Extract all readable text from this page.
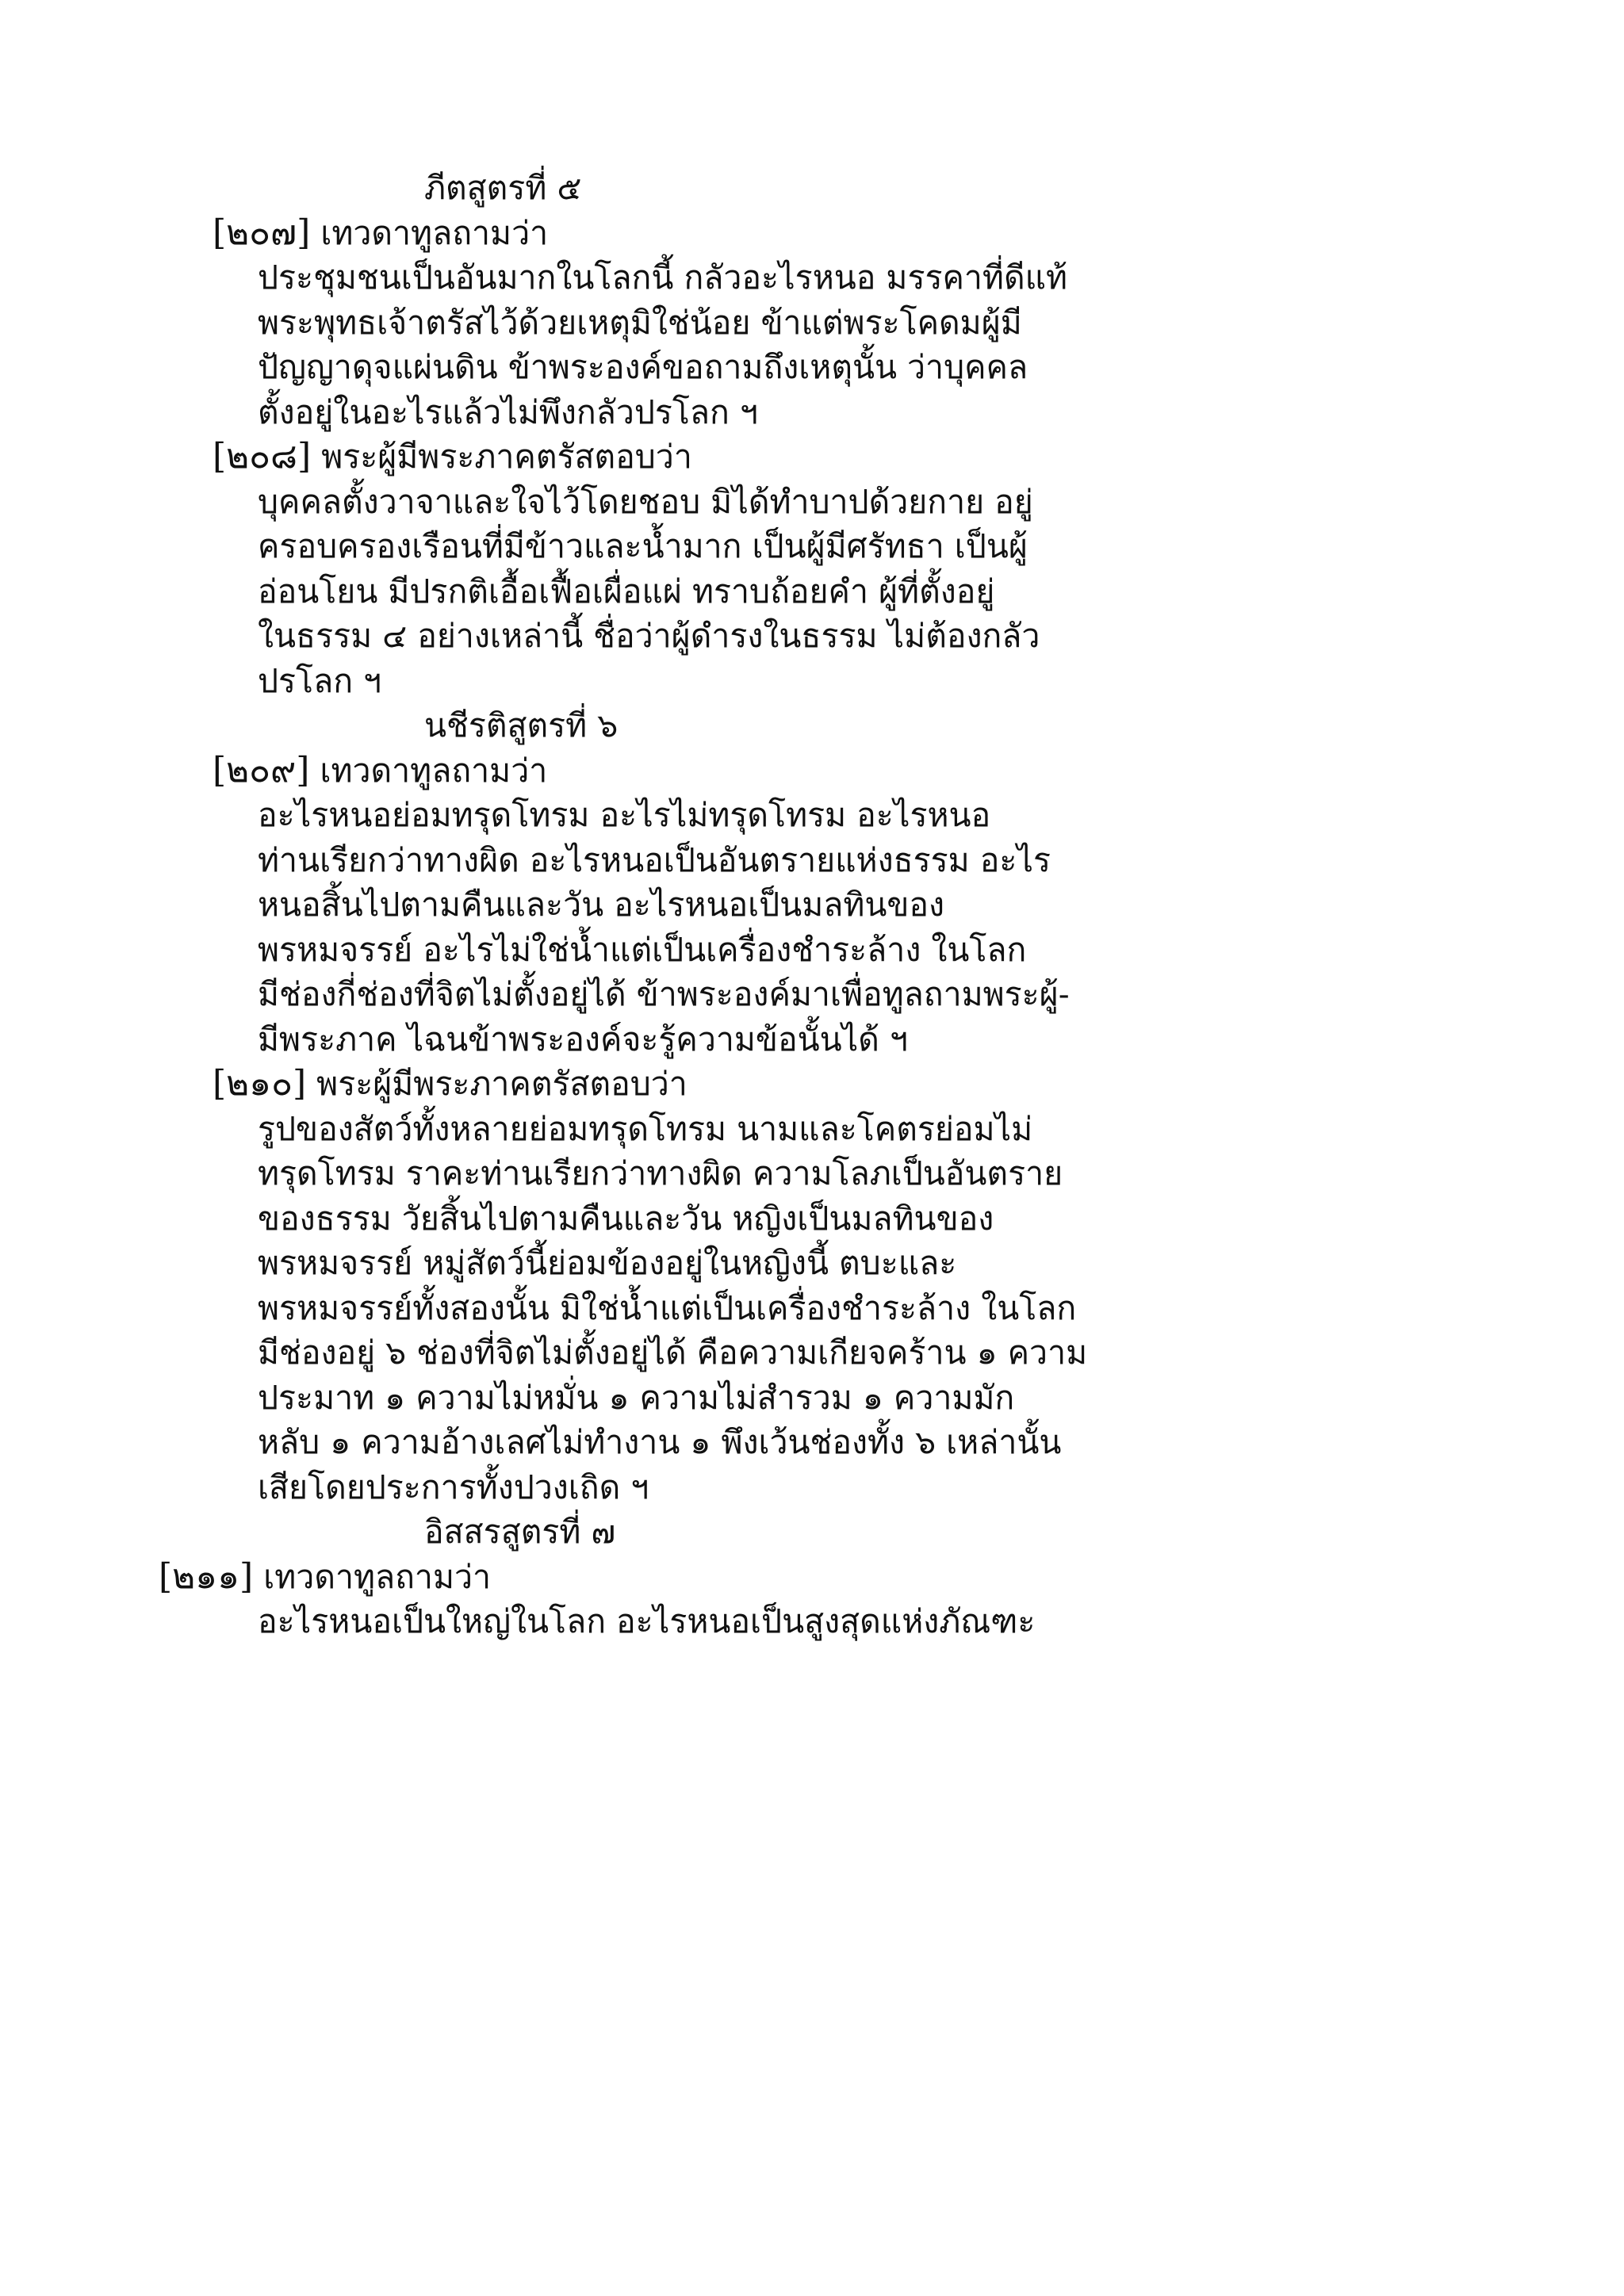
ภีตสูตรที่ ๕

[๒๐๗] เทวดาทูลถามว่า

ประชุมชนเป็นอันมากในโลกนี้ กลัวอะไรหนอ มรรคาที่ดีแท้

พระพุทธเจ้าตรัสไว้ด้วยเหตุมิใช่น้อย ข้าแต่พระโคดมผู้มี

ปัญญาดุจแผ่นดิน ข้าพระองค์ขอถามถึงเหตุนั้น ว่าบุคคล

ตั้งอยู่ในอะไรแล้วไม่พึงกลัวปรโลก ฯ

[๒๐๘] พระผู้มีพระภาคตรัสตอบว่า

บุคคลตั้งวาจาและใจไว้โดยชอบ มิได้ทำบาปด้วยกาย อยู่

ครอบครองเรือนที่มีข้าวและน้ำมาก เป็นผู้มีศรัทธา เป็นผู้

อ่อนโยน มีปรกติเอื้อเฟื้อเผื่อแผ่ ทราบถ้อยคำ ผู้ที่ตั้งอยู่

ในธรรม ๔ อย่างเหล่านี้ ชื่อว่าผู้ดำรงในธรรม ไม่ต้องกลัว

ปรโลก ฯ

นชีรติสูตรที่ ๖

[๒๐๙] เทวดาทูลถามว่า

อะไรหนอย่อมทรุดโทรม อะไรไม่ทรุดโทรม อะไรหนอ

ท่านเรียกว่าทางผิด อะไรหนอเป็นอันตรายแห่งธรรม อะไร

หนอสิ้นไปตามคืนและวัน อะไรหนอเป็นมลทินของ

พรหมจรรย์ อะไรไม่ใช่น้ำแต่เป็นเครื่องชำระล้าง ในโลก

มีช่องกี่ช่องที่จิตไม่ตั้งอยู่ได้ ข้าพระองค์มาเพื่อทูลถามพระผู้-

มีพระภาค ไฉนข้าพระองค์จะรู้ความข้อนั้นได้ ฯ

[๒๑๐] พระผู้มีพระภาคตรัสตอบว่า

รูปของสัตว์ทั้งหลายย่อมทรุดโทรม นามและโคตรย่อมไม่

ทรุดโทรม ราคะท่านเรียกว่าทางผิด ความโลภเป็นอันตราย

ของธรรม วัยสิ้นไปตามคืนและวัน หญิงเป็นมลทินของ

พรหมจรรย์ หมู่สัตว์นี้ย่อมข้องอยู่ในหญิงนี้ ตบะและ

พรหมจรรย์ทั้งสองนั้น มิใช่น้ำแต่เป็นเครื่องชำระล้าง ในโลก

มีช่องอยู่ ๖ ช่องที่จิตไม่ตั้งอยู่ได้ คือความเกียจคร้าน ๑ ความ

ประมาท ๑ ความไม่หมั่น ๑ ความไม่สำรวม ๑ ความมัก

หลับ ๑ ความอ้างเลศไม่ทำงาน ๑ พึงเว้นช่องทั้ง ๖ เหล่านั้น

เสียโดยประการทั้งปวงเถิด ฯ

อิสสรสูตรที่ ๗

[๒๑๑] เทวดาทูลถามว่า

อะไรหนอเป็นใหญ่ในโลก อะไรหนอเป็นสูงสุดแห่งภัณฑะ
